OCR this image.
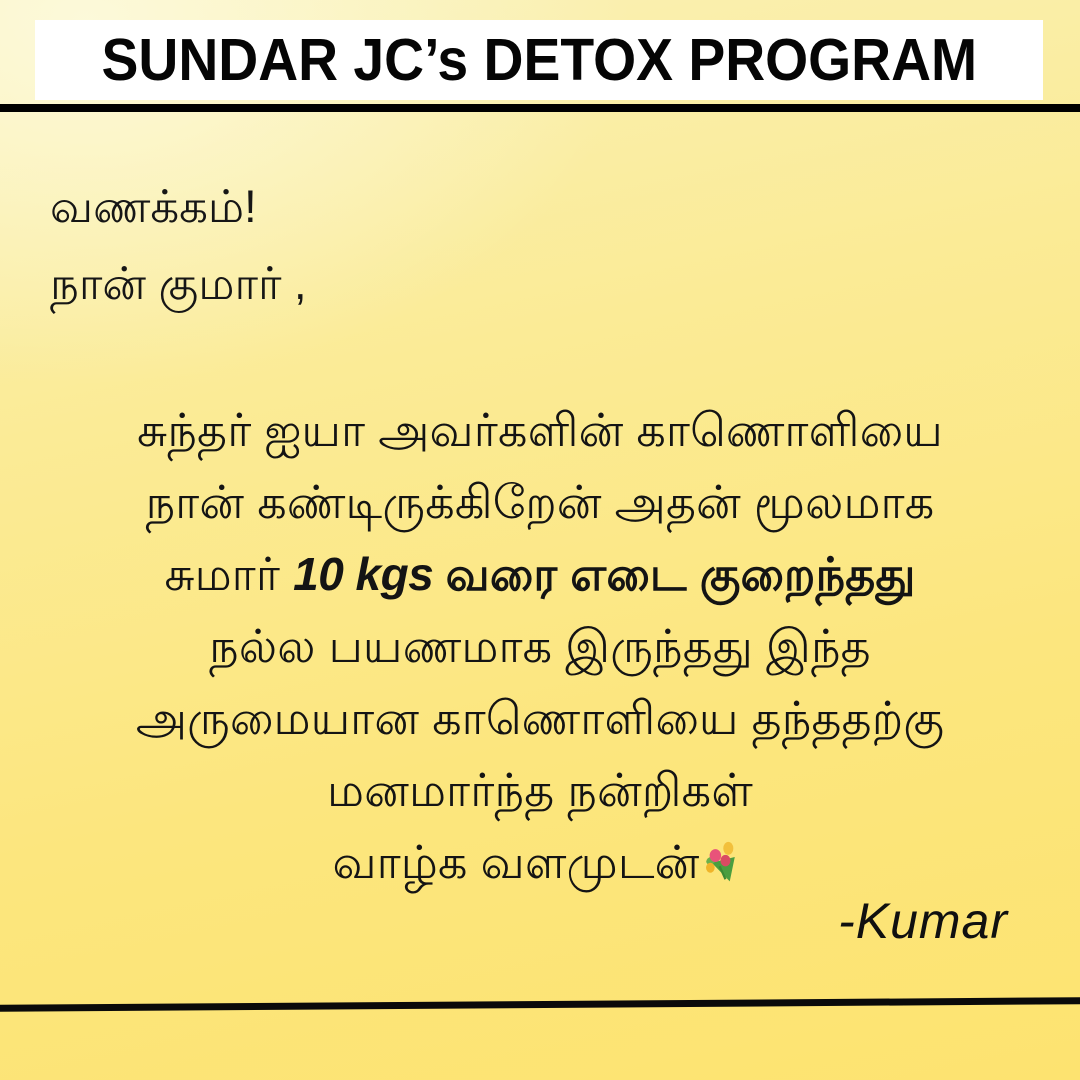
SUNDAR JC’s DETOX PROGRAM
வணக்கம்!
நான் குமார் ,
சுந்தர் ஐயா அவர்களின் காணொளியை
நான் கண்டிருக்கிறேன் அதன் மூலமாக
சுமார் 10 kgs வரை எடை குறைந்தது
நல்ல பயணமாக இருந்தது இந்த
அருமையான காணொளியை தந்ததற்கு
மனமார்ந்த நன்றிகள்
வாழ்க வளமுடன்
-Kumar
